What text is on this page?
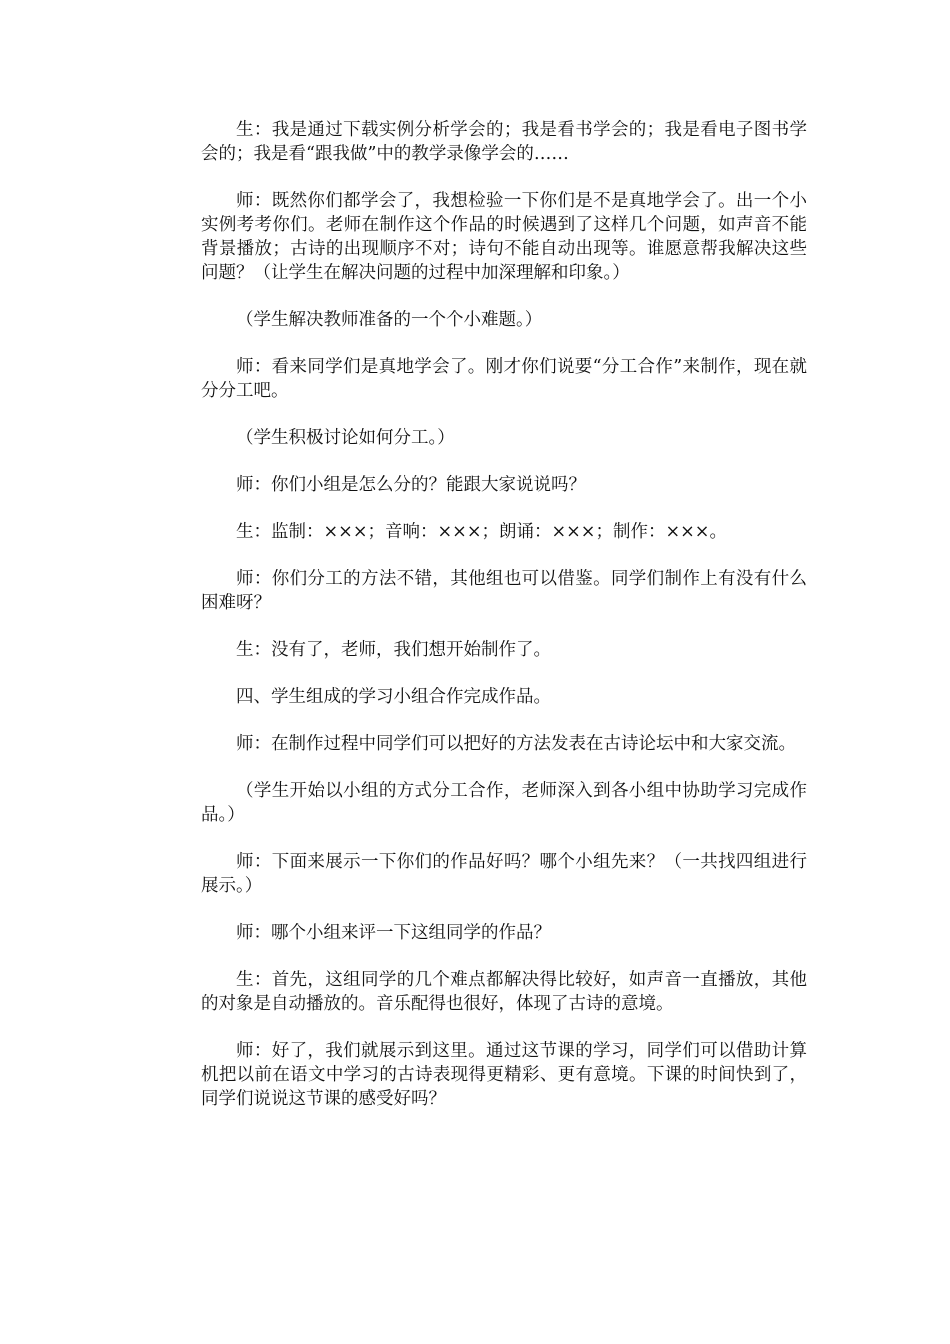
生：我是通过下载实例分析学会的；我是看书学会的；我是看电子图书学会的；我是看“跟我做”中的教学录像学会的……

师：既然你们都学会了，我想检验一下你们是不是真地学会了。出一个小实例考考你们。老师在制作这个作品的时候遇到了这样几个问题，如声音不能背景播放；古诗的出现顺序不对；诗句不能自动出现等。谁愿意帮我解决这些问题？（让学生在解决问题的过程中加深理解和印象。）

（学生解决教师准备的一个个小难题。）

师：看来同学们是真地学会了。刚才你们说要“分工合作”来制作，现在就分分工吧。

（学生积极讨论如何分工。）

师：你们小组是怎么分的？能跟大家说说吗？

生：监制：×××；音响：×××；朗诵：×××；制作：×××。

师：你们分工的方法不错，其他组也可以借鉴。同学们制作上有没有什么困难呀？

生：没有了，老师，我们想开始制作了。

四、学生组成的学习小组合作完成作品。

师：在制作过程中同学们可以把好的方法发表在古诗论坛中和大家交流。

（学生开始以小组的方式分工合作，老师深入到各小组中协助学习完成作品。）

师：下面来展示一下你们的作品好吗？哪个小组先来？（一共找四组进行展示。）

师：哪个小组来评一下这组同学的作品？

生：首先，这组同学的几个难点都解决得比较好，如声音一直播放，其他的对象是自动播放的。音乐配得也很好，体现了古诗的意境。

师：好了，我们就展示到这里。通过这节课的学习，同学们可以借助计算机把以前在语文中学习的古诗表现得更精彩、更有意境。下课的时间快到了，同学们说说这节课的感受好吗？
